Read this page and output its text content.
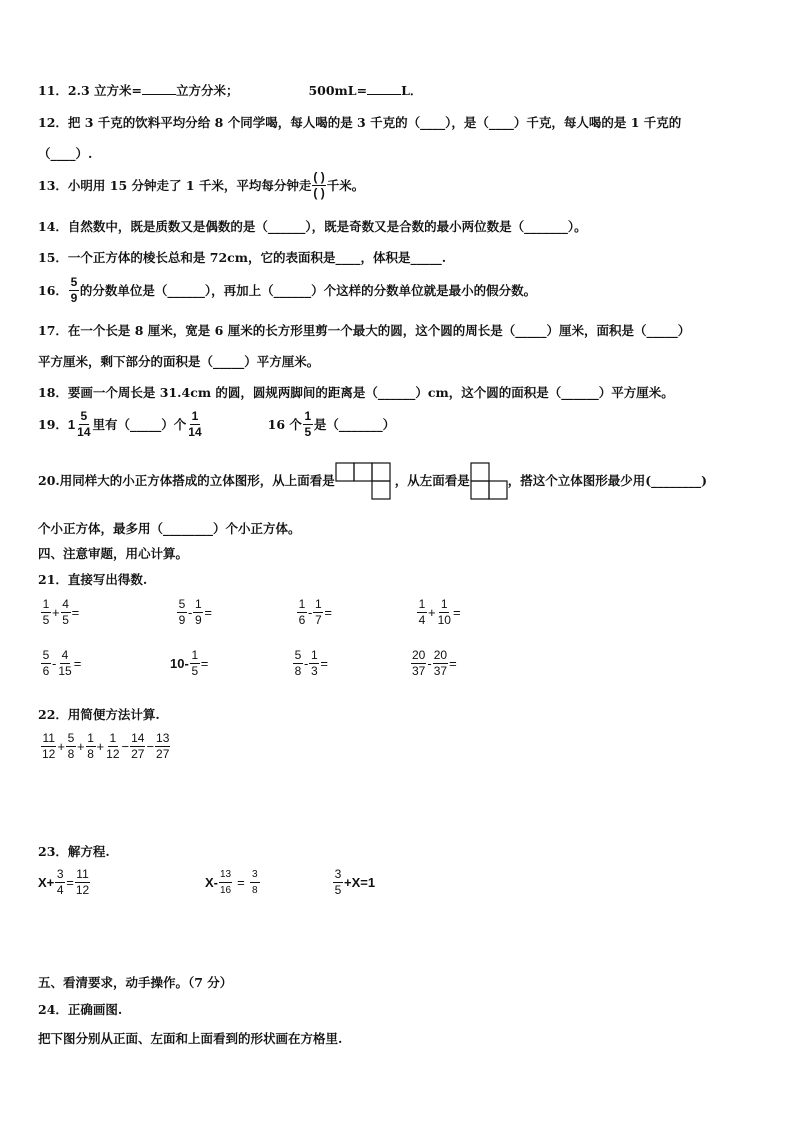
11．2.3 立方米=	立方分米；	500mL=	L．
12．把 3 千克的饮料平均分给 8 个同学喝，每人喝的是 3 千克的（____），是（____）千克，每人喝的是 1 千克的
（____）.
13． 小明用 15 分钟走了 1 千米，平均每分钟走 $\frac{( )}{( )}$ 千米。
14．自然数中，既是质数又是偶数的是（______），既是奇数又是合数的最小两位数是（_______）。
15．一个正方体的棱长总和是 72cm，它的表面积是____，体积是_____.
16． $\frac{5}{9}$ 的分数单位是（______），再加上（______）个这样的分数单位就是最小的假分数。
17．在一个长是 8 厘米，宽是 6 厘米的长方形里剪一个最大的圆，这个圆的周长是（_____）厘米，面积是（_____）
平方厘米，剩下部分的面积是（_____）平方厘米。
18．要画一个周长是 31.4cm 的圆，圆规两脚间的距离是（______）cm，这个圆的面积是（______）平方厘米。
19． $1 \frac{5}{14}$ 里有（_____）个 $\frac{1}{14}$	16 个 $\frac{1}{5}$ 是（_______）
20.用同样大的小正方体搭成的立体图形，从上面看是	，从左面看是	，搭这个立体图形最少用(________)
个小正方体，最多用（________）个小正方体。
四、注意审题，用心计算。
21．直接写出得数.
$\frac{1}{5} + \frac{4}{5}$ =	$\frac{5}{9} - \frac{1}{9}$ =	$\frac{1}{6} - \frac{1}{7}$ =	$\frac{1}{4} + \frac{1}{10}$ =
$\frac{5}{6} - \frac{4}{15}$ =	$10- \frac{1}{5}$ =	$\frac{5}{8} - \frac{1}{3}$ =	$\frac{20}{37} - \frac{20}{37}$ =
22．用简便方法计算.
$\frac{11}{12} + \frac{5}{8} + \frac{1}{8} + \frac{1}{12} - \frac{14}{27} - \frac{13}{27}$
23．解方程.
$X+ \frac{3}{4} = \frac{11}{12}$	$X- \frac{13}{16} = \frac{3}{8}$	$\frac{3}{5} +X=1$
五、看清要求，动手操作。（7 分）
24．正确画图.
把下图分别从正面、左面和上面看到的形状画在方格里.
